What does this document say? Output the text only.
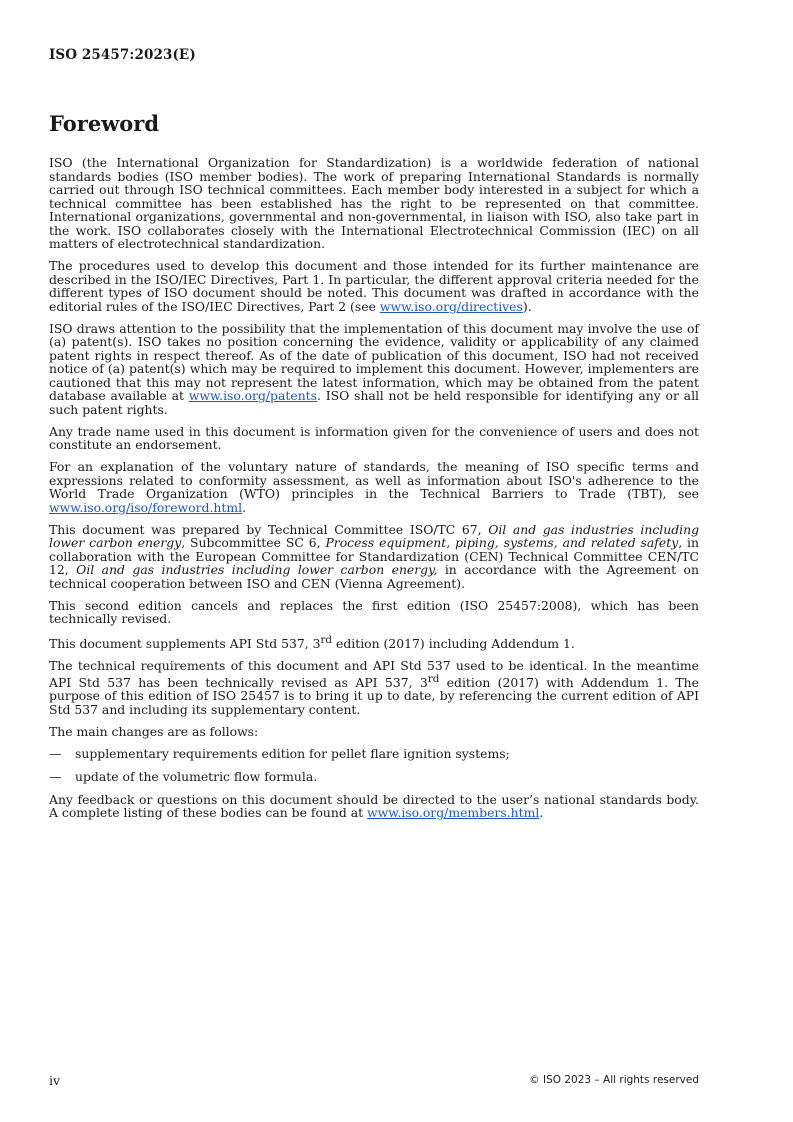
ISO 25457:2023(E)
Foreword

ISO (the International Organization for Standardization) is a worldwide federation of national standards bodies (ISO member bodies). The work of preparing International Standards is normally carried out through ISO technical committees. Each member body interested in a subject for which a technical committee has been established has the right to be represented on that committee. International organizations, governmental and non-governmental, in liaison with ISO, also take part in the work. ISO collaborates closely with the International Electrotechnical Commission (IEC) on all matters of electrotechnical standardization.

The procedures used to develop this document and those intended for its further maintenance are described in the ISO/IEC Directives, Part 1. In particular, the different approval criteria needed for the different types of ISO document should be noted. This document was drafted in accordance with the editorial rules of the ISO/IEC Directives, Part 2 (see www.iso.org/directives).

ISO draws attention to the possibility that the implementation of this document may involve the use of (a) patent(s). ISO takes no position concerning the evidence, validity or applicability of any claimed patent rights in respect thereof. As of the date of publication of this document, ISO had not received notice of (a) patent(s) which may be required to implement this document. However, implementers are cautioned that this may not represent the latest information, which may be obtained from the patent database available at www.iso.org/patents. ISO shall not be held responsible for identifying any or all such patent rights.

Any trade name used in this document is information given for the convenience of users and does not constitute an endorsement.

For an explanation of the voluntary nature of standards, the meaning of ISO specific terms and expressions related to conformity assessment, as well as information about ISO's adherence to the World Trade Organization (WTO) principles in the Technical Barriers to Trade (TBT), see www.iso.org/iso/foreword.html.

This document was prepared by Technical Committee ISO/TC 67, Oil and gas industries including lower carbon energy, Subcommittee SC 6, Process equipment, piping, systems, and related safety, in collaboration with the European Committee for Standardization (CEN) Technical Committee CEN/TC 12, Oil and gas industries including lower carbon energy, in accordance with the Agreement on technical cooperation between ISO and CEN (Vienna Agreement).

This second edition cancels and replaces the first edition (ISO 25457:2008), which has been technically revised.

This document supplements API Std 537, 3rd edition (2017) including Addendum 1.

The technical requirements of this document and API Std 537 used to be identical. In the meantime API Std 537 has been technically revised as API 537, 3rd edition (2017) with Addendum 1. The purpose of this edition of ISO 25457 is to bring it up to date, by referencing the current edition of API Std 537 and including its supplementary content.

The main changes are as follows:

—	supplementary requirements edition for pellet flare ignition systems;
—	update of the volumetric flow formula.

Any feedback or questions on this document should be directed to the user’s national standards body. A complete listing of these bodies can be found at www.iso.org/members.html.

iv	© ISO 2023 – All rights reserved
